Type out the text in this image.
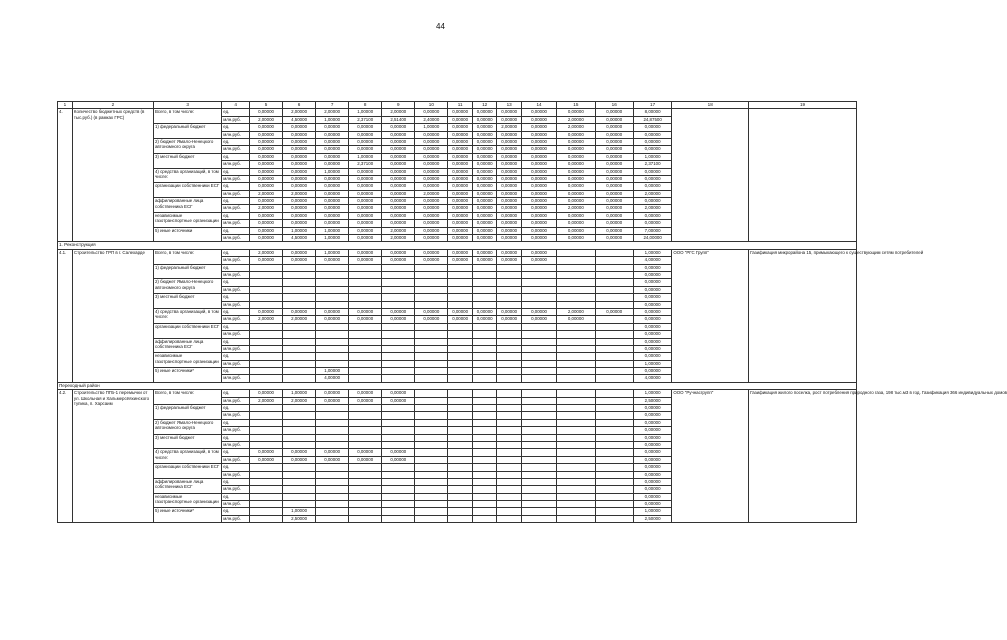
44
1	2	3	4	5	6	7	8	9	10	11	12	13	14	15	16	17	18	19
4.	Количество бюджетных средств (в тыс.руб.) (в рамках ГРС)	Всего, в том числе:	ед.	0,00000	2,00000	2,00000	1,00000	2,00000	0,00000	0,00000	0,00000	0,00000	0,00000	0,00000	0,00000	8,00000		
			млн.руб.	2,00000	4,50000	1,00000	2,37100	2,51400	2,40000	0,00000	0,00000	0,00000	0,00000	2,00000	0,00000	24,87500		
		1) федеральный бюджет	ед.	0,00000	0,00000	0,00000	0,00000	0,00000	1,00000	0,00000	0,00000	2,00000	0,00000	2,00000	0,00000	0,00000		
			млн.руб.	0,00000	0,00000	0,00000	0,00000	0,00000	0,00000	0,00000	0,00000	0,00000	0,00000	0,00000	0,00000	0,00000		
		2) бюджет Ямало-Ненецкого автономного округа	ед.	0,00000	0,00000	0,00000	0,00000	0,00000	0,00000	0,00000	0,00000	0,00000	0,00000	0,00000	0,00000	0,00000		
			млн.руб.	0,00000	0,00000	0,00000	0,00000	0,00000	0,00000	0,00000	0,00000	0,00000	0,00000	0,00000	0,00000	0,00000		
		3) местный бюджет	ед.	0,00000	0,00000	0,00000	1,00000	0,00000	0,00000	0,00000	0,00000	0,00000	0,00000	0,00000	0,00000	1,00000		
			млн.руб.	0,00000	0,00000	0,00000	2,37100	0,00000	0,00000	0,00000	0,00000	0,00000	0,00000	0,00000	0,00000	2,37100		
		4) средства организаций, в том числе:	ед.	0,00000	0,00000	1,00000	0,00000	0,00000	0,00000	0,00000	0,00000	0,00000	0,00000	0,00000	0,00000	0,00000		
			млн.руб.	0,00000	0,00000	0,00000	0,00000	0,00000	0,00000	0,00000	0,00000	0,00000	0,00000	0,00000	0,00000	0,00000		
		организации собственники ЕСГ	ед.	0,00000	0,00000	0,00000	0,00000	0,00000	0,00000	0,00000	0,00000	0,00000	0,00000	0,00000	0,00000	0,00000		
			млн.руб.	2,00000	2,00000	0,00000	0,00000	0,00000	2,00000	0,00000	0,00000	0,00000	0,00000	0,00000	0,00000	2,00000		
		аффилированные лица собственника ЕСГ	ед.	0,00000	0,00000	0,00000	0,00000	0,00000	0,00000	0,00000	0,00000	0,00000	0,00000	0,00000	0,00000	0,00000		
			млн.руб.	2,00000	0,00000	0,00000	0,00000	0,00000	0,00000	0,00000	0,00000	0,00000	0,00000	2,00000	0,00000	2,00000		
		независимые газотранспортные организации	ед.	0,00000	0,00000	0,00000	0,00000	0,00000	0,00000	0,00000	0,00000	0,00000	0,00000	0,00000	0,00000	0,00000		
			млн.руб.	0,00000	0,00000	0,00000	0,00000	0,00000	0,00000	0,00000	0,00000	0,00000	0,00000	0,00000	0,00000	0,00000		
		5) иные источники	ед.	0,00000	1,00000	1,00000	0,00000	2,00000	0,00000	0,00000	0,00000	0,00000	0,00000	0,00000	0,00000	7,00000		
			млн.руб.	0,00000	4,50000	1,00000	0,00000	2,00000	0,00000	0,00000	0,00000	0,00000	0,00000	0,00000	0,00000	24,00000		
1. Реконструкция																		
4.1.	Строительство ГРП в г. Салехарде	Всего, в том числе:	ед.	2,00000	0,00000	1,00000	0,00000	0,00000	0,00000	0,00000	0,00000	0,00000	0,00000			1,00000	ООО "РГС Групп"	Газификация микрорайона 15, примыкающего к существующим сетям потребителей
			млн.руб.	0,00000	0,00000	0,00000	0,00000	0,00000	0,00000	0,00000	0,00000	0,00000	0,00000			4,00000		
		1) федеральный бюджет	ед.													0,00000		
			млн.руб.													0,00000		
		2) бюджет Ямало-Ненецкого автономного округа	ед.													0,00000		
			млн.руб.													0,00000		
		3) местный бюджет	ед.													0,00000		
			млн.руб.													0,00000		
		4) средства организаций, в том числе:	ед.	0,00000	0,00000	0,00000	0,00000	0,00000	0,00000	0,00000	0,00000	0,00000	0,00000	2,00000	0,00000	0,00000		
			млн.руб.	2,00000	2,00000	0,00000	0,00000	0,00000	0,00000	0,00000	0,00000	0,00000	0,00000	0,00000		0,00000		
		организации собственники ЕСГ	ед.													0,00000		
			млн.руб.													0,00000		
		аффилированные лица собственника ЕСГ	ед.													0,00000		
			млн.руб.													0,00000		
		независимые газотранспортные организации	ед.													0,00000		
			млн.руб.													1,00000		
		5) иные источники*	ед.			1,00000										0,00000		
			млн.руб.			4,00000										4,00000		
Переходный район																		
4.2.	Строительство ПГБ-1 перемычки от ул. Школьная и Хальмерсёяхинского тупика, п. Харсаим	Всего, в том числе:	ед.	0,00000	1,00000	0,00000	0,00000	0,00000								1,00000	ООО "Ручнасгрупп"	Газификация жилого поселка, рост потребления природного газа, 198 тыс.м3 в год. Газификация 366 индивидуальных домов
			млн.руб.	2,00000	2,00000	0,00000	0,00000	0,00000								2,50000		
		1) федеральный бюджет	ед.													0,00000		
			млн.руб.													0,00000		
		2) бюджет Ямало-Ненецкого автономного округа	ед.													0,00000		
			млн.руб.													0,00000		
		3) местный бюджет	ед.													0,00000		
			млн.руб.													0,00000		
		4) средства организаций, в том числе:	ед.	0,00000	0,00000	0,00000	0,00000	0,00000								0,00000		
			млн.руб.	0,00000	0,00000	0,00000	0,00000	0,00000								0,00000		
		организации собственники ЕСГ	ед.													0,00000		
			млн.руб.													0,00000		
		аффилированные лица собственника ЕСГ	ед.													0,00000		
			млн.руб.													0,00000		
		независимые газотранспортные организации	ед.													0,00000		
			млн.руб.													0,00000		
		5) иные источники*	ед.		1,00000											1,00000		
			млн.руб.		2,50000											2,50000		
